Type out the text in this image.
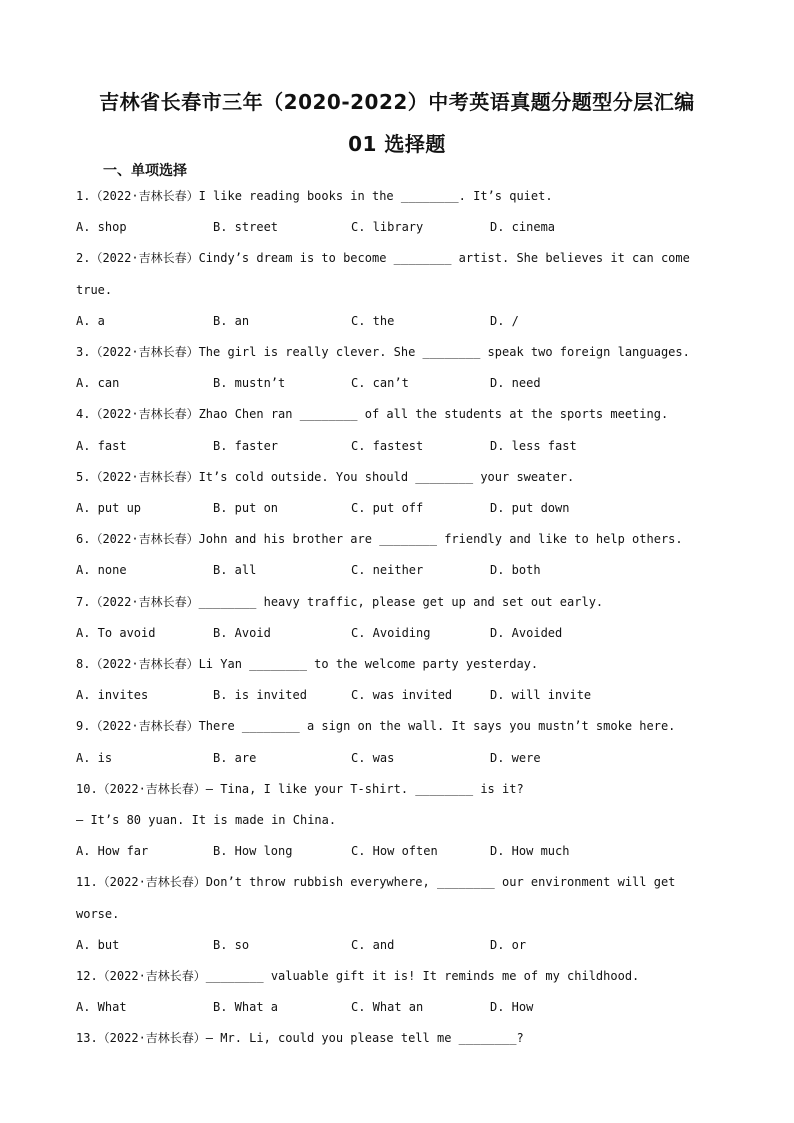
吉林省长春市三年（2020-2022）中考英语真题分题型分层汇编
01 选择题
一、单项选择
1.（2022·吉林长春）I like reading books in the ________. It’s quiet.
A. shop	B. street	C. library	D. cinema
2.（2022·吉林长春）Cindy’s dream is to become ________ artist. She believes it can come
true.
A. a	B. an	C. the	D. /
3.（2022·吉林长春）The girl is really clever. She ________ speak two foreign languages.
A. can	B. mustn’t	C. can’t	D. need
4.（2022·吉林长春）Zhao Chen ran ________ of all the students at the sports meeting.
A. fast	B. faster	C. fastest	D. less fast
5.（2022·吉林长春）It’s cold outside. You should ________ your sweater.
A. put up	B. put on	C. put off	D. put down
6.（2022·吉林长春）John and his brother are ________ friendly and like to help others.
A. none	B. all	C. neither	D. both
7.（2022·吉林长春）________ heavy traffic, please get up and set out early.
A. To avoid	B. Avoid	C. Avoiding	D. Avoided
8.（2022·吉林长春）Li Yan ________ to the welcome party yesterday.
A. invites	B. is invited	C. was invited	D. will invite
9.（2022·吉林长春）There ________ a sign on the wall. It says you mustn’t smoke here.
A. is	B. are	C. was	D. were
10.（2022·吉林长春）— Tina, I like your T-shirt. ________ is it?
— It’s 80 yuan. It is made in China.
A. How far	B. How long	C. How often	D. How much
11.（2022·吉林长春）Don’t throw rubbish everywhere, ________ our environment will get
worse.
A. but	B. so	C. and	D. or
12.（2022·吉林长春）________ valuable gift it is! It reminds me of my childhood.
A. What	B. What a	C. What an	D. How
13.（2022·吉林长春）— Mr. Li, could you please tell me ________?
